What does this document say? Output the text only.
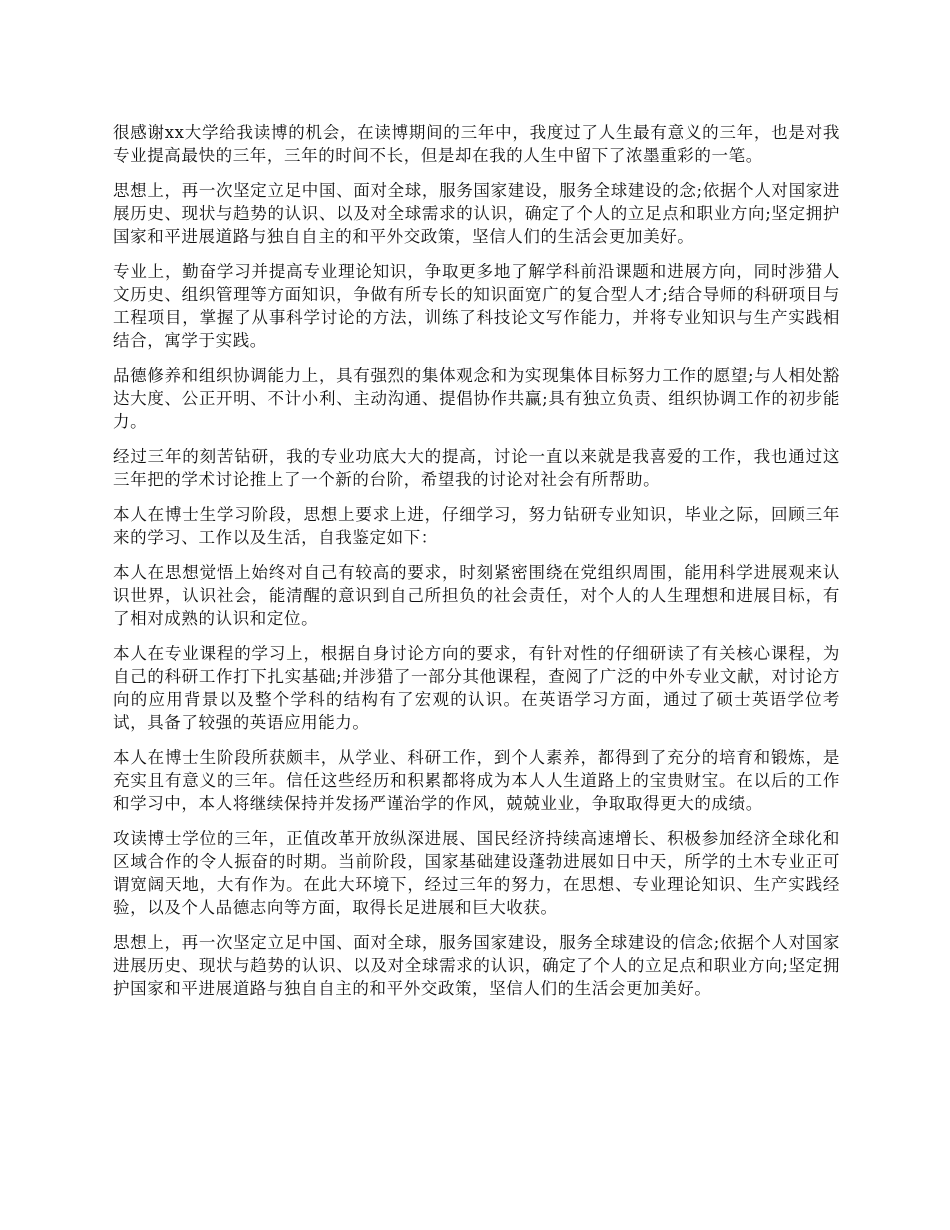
很感谢xx大学给我读博的机会，在读博期间的三年中，我度过了人生最有意义的三年，也是对我专业提高最快的三年，三年的时间不长，但是却在我的人生中留下了浓墨重彩的一笔。

思想上，再一次坚定立足中国、面对全球，服务国家建设，服务全球建设的念;依据个人对国家进展历史、现状与趋势的认识、以及对全球需求的认识，确定了个人的立足点和职业方向;坚定拥护国家和平进展道路与独自自主的和平外交政策，坚信人们的生活会更加美好。

专业上，勤奋学习并提高专业理论知识，争取更多地了解学科前沿课题和进展方向，同时涉猎人文历史、组织管理等方面知识，争做有所专长的知识面宽广的复合型人才;结合导师的科研项目与工程项目，掌握了从事科学讨论的方法，训练了科技论文写作能力，并将专业知识与生产实践相结合，寓学于实践。

品德修养和组织协调能力上，具有强烈的集体观念和为实现集体目标努力工作的愿望;与人相处豁达大度、公正开明、不计小利、主动沟通、提倡协作共赢;具有独立负责、组织协调工作的初步能力。

经过三年的刻苦钻研，我的专业功底大大的提高，讨论一直以来就是我喜爱的工作，我也通过这三年把的学术讨论推上了一个新的台阶，希望我的讨论对社会有所帮助。

本人在博士生学习阶段，思想上要求上进，仔细学习，努力钻研专业知识，毕业之际，回顾三年来的学习、工作以及生活，自我鉴定如下：

本人在思想觉悟上始终对自己有较高的要求，时刻紧密围绕在党组织周围，能用科学进展观来认识世界，认识社会，能清醒的意识到自己所担负的社会责任，对个人的人生理想和进展目标，有了相对成熟的认识和定位。

本人在专业课程的学习上，根据自身讨论方向的要求，有针对性的仔细研读了有关核心课程，为自己的科研工作打下扎实基础;并涉猎了一部分其他课程，查阅了广泛的中外专业文献，对讨论方向的应用背景以及整个学科的结构有了宏观的认识。在英语学习方面，通过了硕士英语学位考试，具备了较强的英语应用能力。

本人在博士生阶段所获颇丰，从学业、科研工作，到个人素养，都得到了充分的培育和锻炼，是充实且有意义的三年。信任这些经历和积累都将成为本人人生道路上的宝贵财宝。在以后的工作和学习中，本人将继续保持并发扬严谨治学的作风，兢兢业业，争取取得更大的成绩。

攻读博士学位的三年，正值改革开放纵深进展、国民经济持续高速增长、积极参加经济全球化和区域合作的令人振奋的时期。当前阶段，国家基础建设蓬勃进展如日中天，所学的土木专业正可谓宽阔天地，大有作为。在此大环境下，经过三年的努力，在思想、专业理论知识、生产实践经验，以及个人品德志向等方面，取得长足进展和巨大收获。

思想上，再一次坚定立足中国、面对全球，服务国家建设，服务全球建设的信念;依据个人对国家进展历史、现状与趋势的认识、以及对全球需求的认识，确定了个人的立足点和职业方向;坚定拥护国家和平进展道路与独自自主的和平外交政策，坚信人们的生活会更加美好。
